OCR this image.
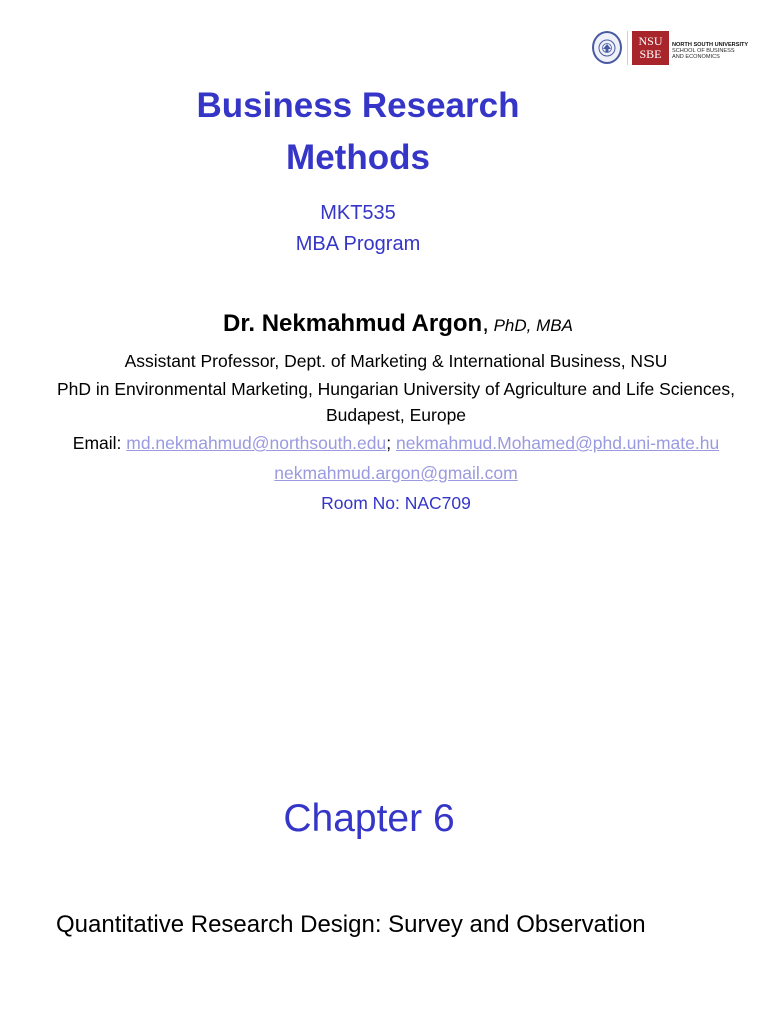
NSU
SBE
NORTH SOUTH UNIVERSITY
SCHOOL OF BUSINESS
AND ECONOMICS
Business Research
Methods
MKT535
MBA Program
Dr. Nekmahmud Argon, PhD, MBA
Assistant Professor, Dept. of Marketing & International Business, NSU
PhD in Environmental Marketing, Hungarian University of Agriculture and Life Sciences, Budapest, Europe
Email: md.nekmahmud@northsouth.edu; nekmahmud.Mohamed@phd.uni-mate.hu
nekmahmud.argon@gmail.com
Room No: NAC709
Chapter 6
Quantitative Research Design: Survey and Observation
